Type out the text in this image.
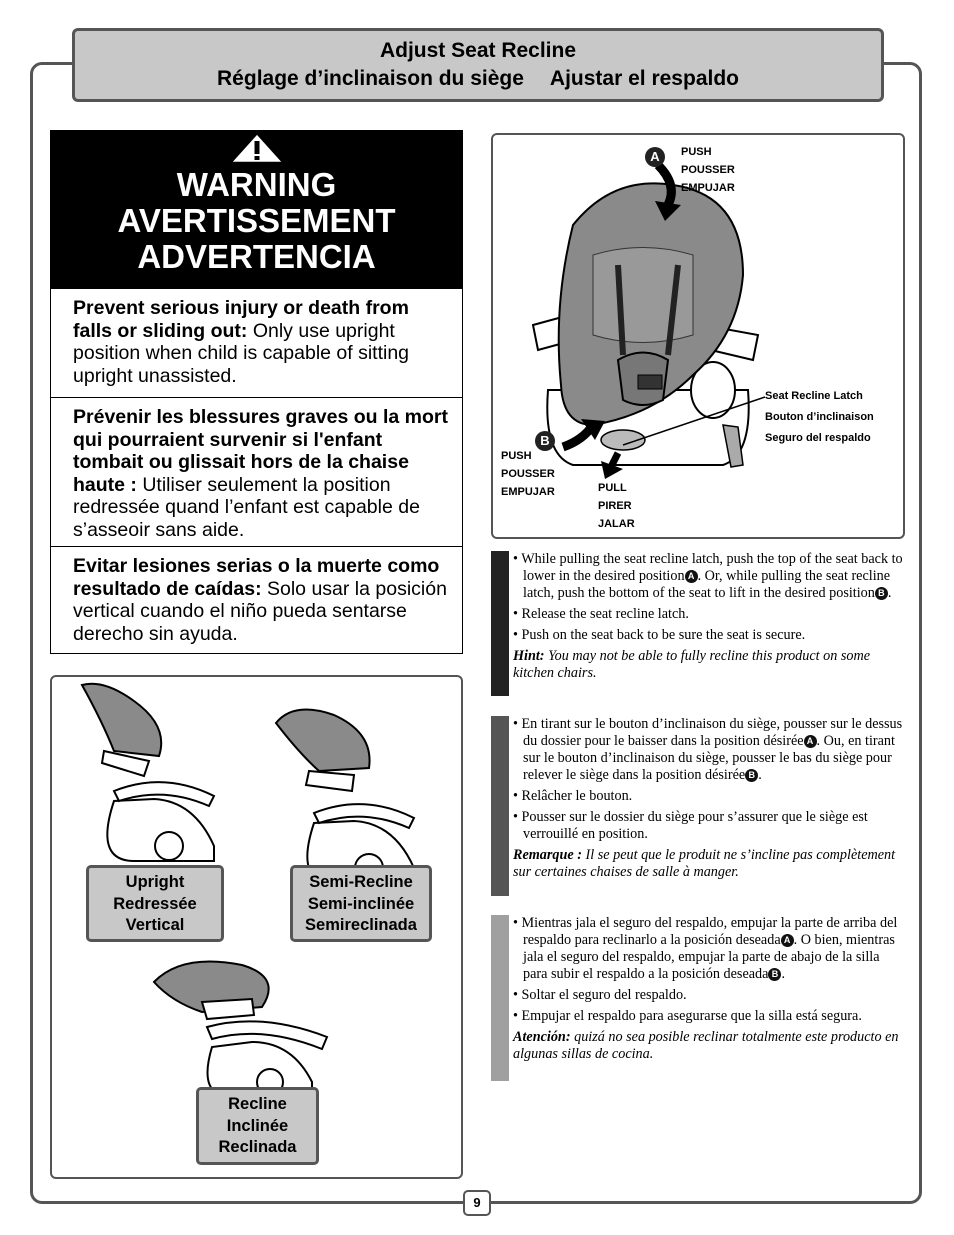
Adjust Seat Recline
Réglage d’inclinaison du siège Ajustar el respaldo
WARNING
AVERTISSEMENT
ADVERTENCIA
Prevent serious injury or death from falls or sliding out: Only use upright position when child is capable of sitting upright unassisted.
Prévenir les blessures graves ou la mort qui pourraient survenir si l'enfant tombait ou glissait hors de la chaise haute : Utiliser seulement la position redressée quand l’enfant est capable de s’asseoir sans aide.
Evitar lesiones serias o la muerte como resultado de caídas: Solo usar la posición vertical cuando el niño pueda sentarse derecho sin ayuda.
A	PUSH
POUSSER
EMPUJAR
B
PUSH
POUSSER
EMPUJAR	PULL
PIRER
JALAR
Seat Recline Latch
Bouton d’inclinaison
Seguro del respaldo
• While pulling the seat recline latch, push the top of the seat back to lower in the desired position A . Or, while pulling the seat recline latch, push the bottom of the seat to lift in the desired position B .
• Release the seat recline latch.
• Push on the seat back to be sure the seat is secure.
Hint: You may not be able to fully recline this product on some kitchen chairs.
• En tirant sur le bouton d’inclinaison du siège, pousser sur le dessus du dossier pour le baisser dans la position désirée A . Ou, en tirant sur le bouton d’inclinaison du siège, pousser le bas du siège pour relever le siège dans la position désirée B .
• Relâcher le bouton.
• Pousser sur le dossier du siège pour s’assurer que le siège est verrouillé en position.
Remarque : Il se peut que le produit ne s’incline pas complètement sur certaines chaises de salle à manger.
• Mientras jala el seguro del respaldo, empujar la parte de arriba del respaldo para reclinarlo a la posición deseada A . O bien, mientras jala el seguro del respaldo, empujar la parte de abajo de la silla para subir el respaldo a la posición deseada B .
• Soltar el seguro del respaldo.
• Empujar el respaldo para asegurarse que la silla está segura.
Atención: quizá no sea posible reclinar totalmente este producto en algunas sillas de cocina.
Upright
Redressée
Vertical
Semi-Recline
Semi-inclinée
Semireclinada
Recline
Inclinée
Reclinada
9
